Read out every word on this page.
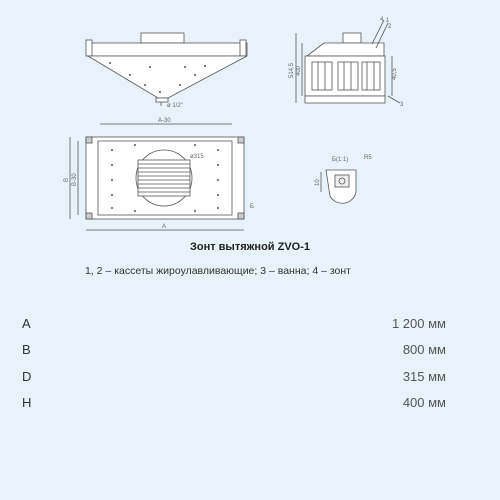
ø 1/2"
514,5 400	40,5
4 1
2
3
A-30
A
B B-30
Б
ø315	Б(1:1)	R5
10
Зонт вытяжной ZVO-1
1, 2 – кассеты жироулавливающие; 3 – ванна; 4 – зонт
A	1 200 мм
B	800 мм
D	315 мм
H	400 мм
